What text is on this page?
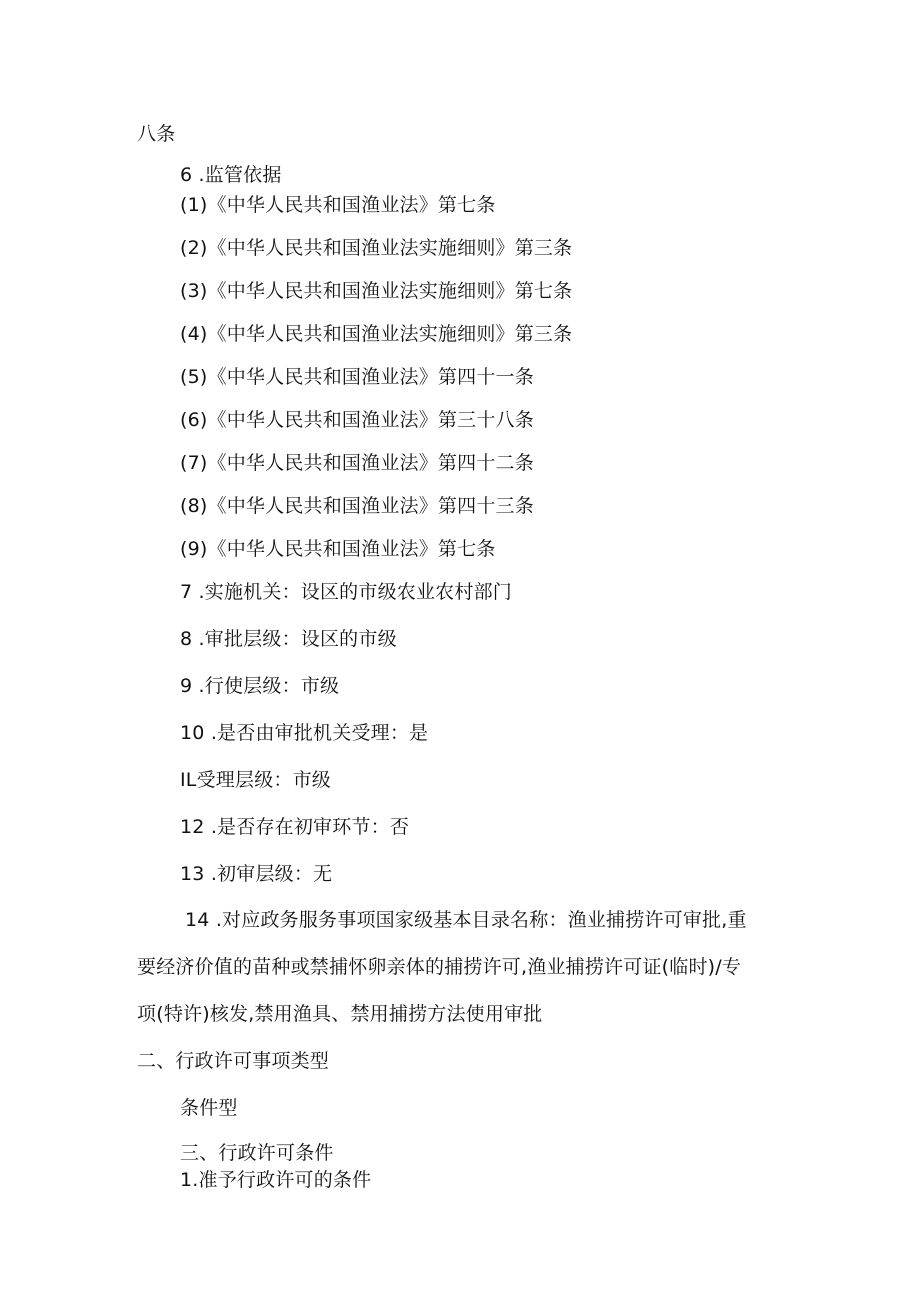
八条
6 .监管依据
(1)《中华人民共和国渔业法》第七条
(2)《中华人民共和国渔业法实施细则》第三条
(3)《中华人民共和国渔业法实施细则》第七条
(4)《中华人民共和国渔业法实施细则》第三条
(5)《中华人民共和国渔业法》第四十一条
(6)《中华人民共和国渔业法》第三十八条
(7)《中华人民共和国渔业法》第四十二条
(8)《中华人民共和国渔业法》第四十三条
(9)《中华人民共和国渔业法》第七条
7 .实施机关：设区的市级农业农村部门
8 .审批层级：设区的市级
9 .行使层级：市级
10 .是否由审批机关受理：是
IL受理层级：市级
12 .是否存在初审环节：否
13 .初审层级：无
14 .对应政务服务事项国家级基本目录名称：渔业捕捞许可审批,重
要经济价值的苗种或禁捕怀卵亲体的捕捞许可,渔业捕捞许可证(临时)/专
项(特许)核发,禁用渔具、禁用捕捞方法使用审批
二、行政许可事项类型
条件型
三、行政许可条件
1.准予行政许可的条件
